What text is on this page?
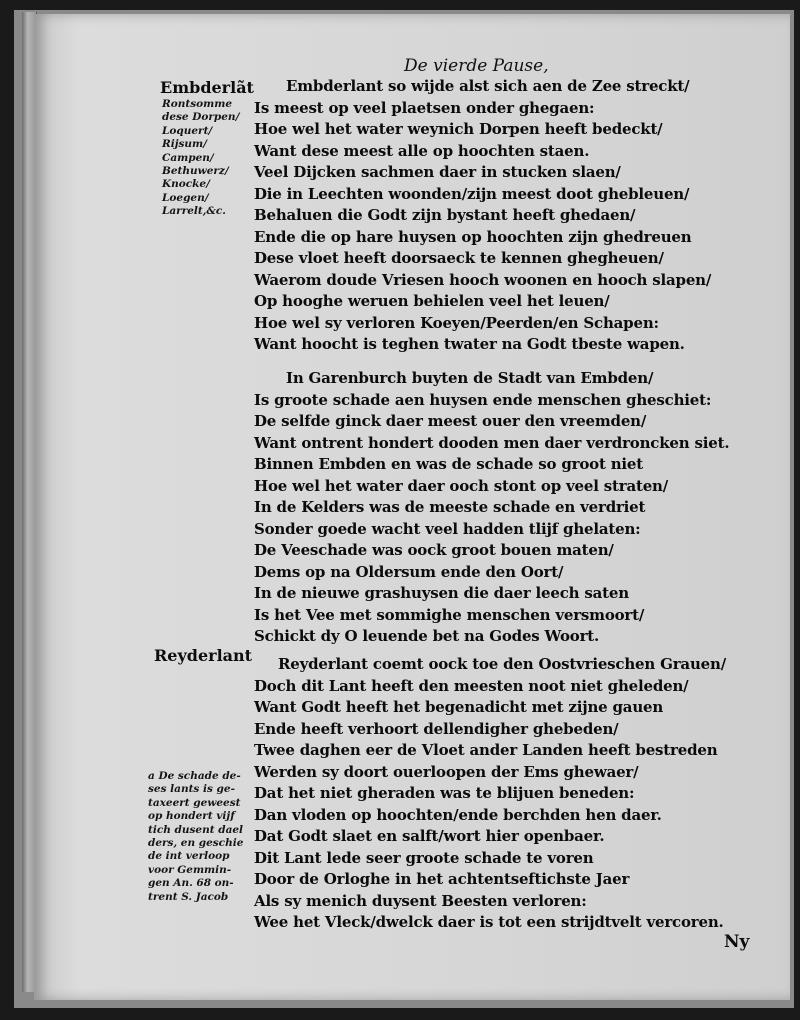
De vierde Pause,
Embderlãt
Rontsomme
dese Dorpen/
Loquert/
Rijsum/
Campen/
Bethuwerz/
Knocke/
Loegen/
Larrelt,&c.
Reyderlant
a De schade de-
ses lants is ge-
taxeert geweest
op hondert vijf
tich dusent dael
ders, en geschie
de int verloop
voor Gemmin-
gen An. 68 on-
trent S. Jacob
Embderlant so wijde alst sich aen de Zee streckt/
Is meest op veel plaetsen onder ghegaen:
Hoe wel het water weynich Dorpen heeft bedeckt/
Want dese meest alle op hoochten staen.
Veel Dijcken sachmen daer in stucken slaen/
Die in Leechten woonden/zijn meest doot ghebleuen/
Behaluen die Godt zijn bystant heeft ghedaen/
Ende die op hare huysen op hoochten zijn ghedreuen
Dese vloet heeft doorsaeck te kennen ghegheuen/
Waerom doude Vriesen hooch woonen en hooch slapen/
Op hooghe weruen behielen veel het leuen/
Hoe wel sy verloren Koeyen/Peerden/en Schapen:
Want hoocht is teghen twater na Godt tbeste wapen.
In Garenburch buyten de Stadt van Embden/
Is groote schade aen huysen ende menschen gheschiet:
De selfde ginck daer meest ouer den vreemden/
Want ontrent hondert dooden men daer verdroncken siet.
Binnen Embden en was de schade so groot niet
Hoe wel het water daer ooch stont op veel straten/
In de Kelders was de meeste schade en verdriet
Sonder goede wacht veel hadden tlijf ghelaten:
De Veeschade was oock groot bouen maten/
Dems op na Oldersum ende den Oort/
In de nieuwe grashuysen die daer leech saten
Is het Vee met sommighe menschen versmoort/
Schickt dy O leuende bet na Godes Woort.
Reyderlant coemt oock toe den Oostvrieschen Grauen/
Doch dit Lant heeft den meesten noot niet gheleden/
Want Godt heeft het begenadicht met zijne gauen
Ende heeft verhoort dellendigher ghebeden/
Twee daghen eer de Vloet ander Landen heeft bestreden
Werden sy doort ouerloopen der Ems ghewaer/
Dat het niet gheraden was te blijuen beneden:
Dan vloden op hoochten/ende berchden hen daer.
Dat Godt slaet en salft/wort hier openbaer.
Dit Lant lede seer groote schade te voren
Door de Orloghe in het achtentseftichste Jaer
Als sy menich duysent Beesten verloren:
Wee het Vleck/dwelck daer is tot een strijdtvelt vercoren.
Ny
